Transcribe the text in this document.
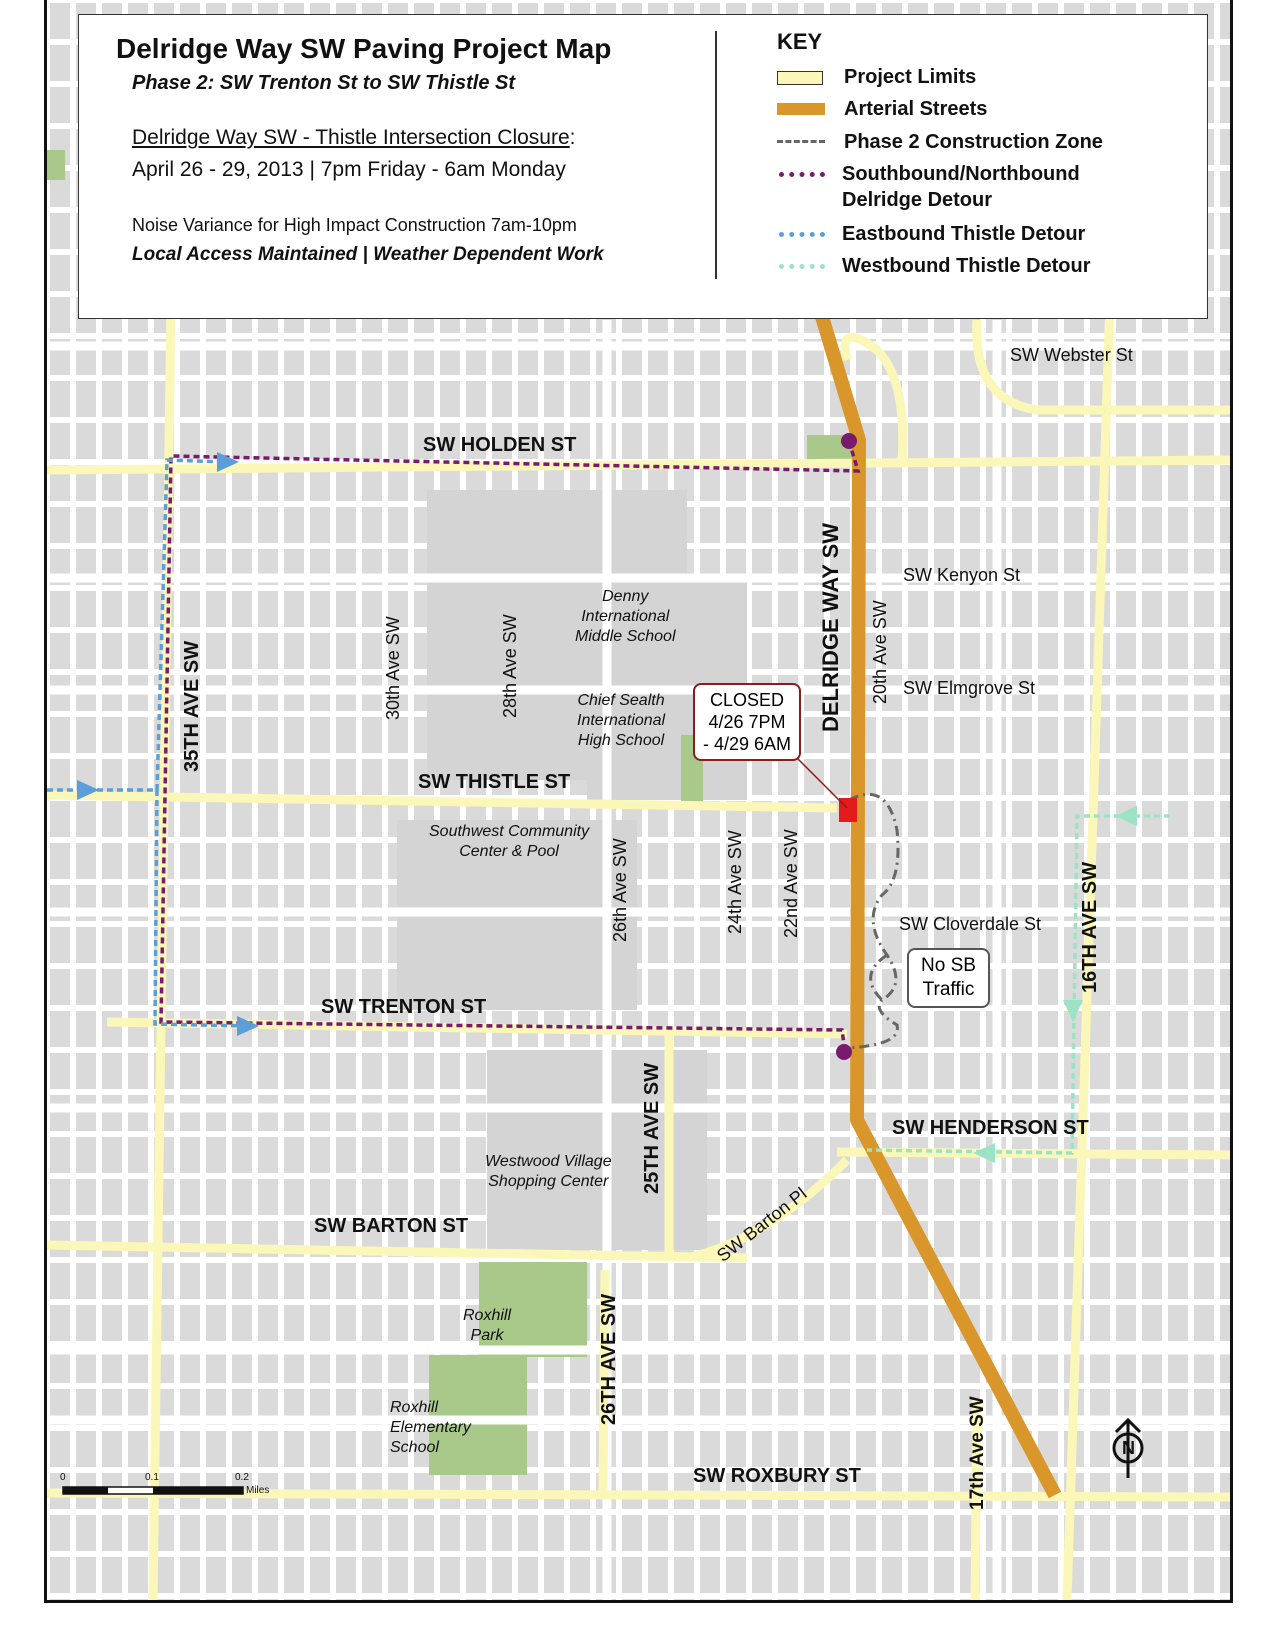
Delridge Way SW Paving Project Map
Phase 2: SW Trenton St to SW Thistle St
Delridge Way SW - Thistle Intersection Closure:
April 26 - 29, 2013 | 7pm Friday - 6am Monday
Noise Variance for High Impact Construction 7am-10pm
Local Access Maintained | Weather Dependent Work
KEY
Project Limits
Arterial Streets
Phase 2 Construction Zone
Southbound/Northbound
Delridge Detour
Eastbound Thistle Detour
Westbound Thistle Detour
SW Webster St
SW HOLDEN ST
SW Kenyon St
SW Elmgrove St
SW THISTLE ST
SW Cloverdale St
SW TRENTON ST
SW HENDERSON ST
SW BARTON ST	SW Barton Pl
SW ROXBURY ST
35TH AVE SW	30th Ave SW	28th Ave SW
26th Ave SW	24th Ave SW 22nd Ave SW
20th Ave SW
16TH AVE SW
25TH AVE SW
26TH AVE SW
17th Ave SW
DELRIDGE WAY SW
Denny
International
Middle School
Chief Sealth
International
High School
Southwest Community
Center & Pool
Westwood Village
Shopping Center
Roxhill
Park
Roxhill
Elementary
School
CLOSED
4/26 7PM
- 4/29 6AM
No SB
Traffic
0	0.1	0.2
Miles
N
